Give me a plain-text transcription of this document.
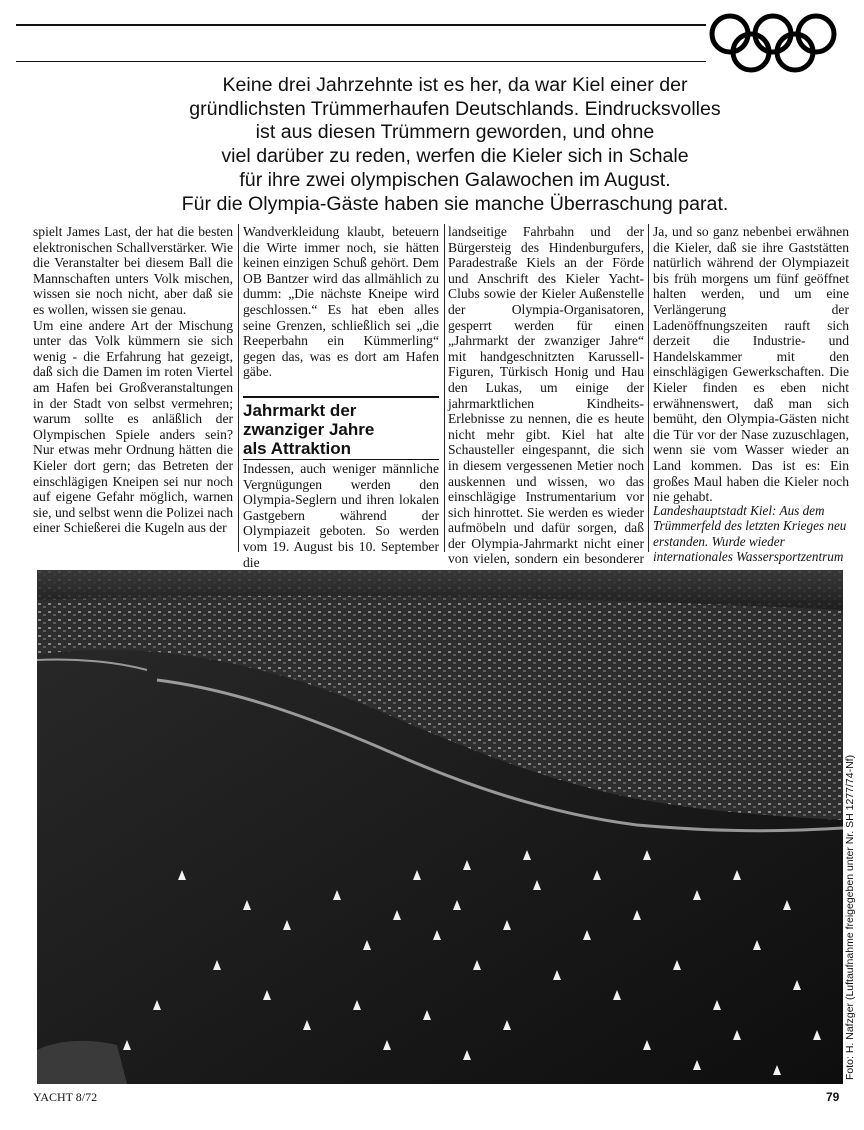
Keine drei Jahrzehnte ist es her, da war Kiel einer der
gründlichsten Trümmerhaufen Deutschlands. Eindrucksvolles
ist aus diesen Trümmern geworden, und ohne
viel darüber zu reden, werfen die Kieler sich in Schale
für ihre zwei olympischen Galawochen im August.
Für die Olympia-Gäste haben sie manche Überraschung parat.
spielt James Last, der hat die besten elektronischen Schallverstärker. Wie die Veranstalter bei diesem Ball die Mannschaften unters Volk mischen, wissen sie noch nicht, aber daß sie es wollen, wissen sie genau.
Um eine andere Art der Mischung unter das Volk kümmern sie sich wenig - die Erfahrung hat gezeigt, daß sich die Damen im roten Viertel am Hafen bei Großveranstaltungen in der Stadt von selbst vermehren; warum sollte es anläßlich der Olympischen Spiele anders sein? Nur etwas mehr Ordnung hätten die Kieler dort gern; das Betreten der einschlägigen Kneipen sei nur noch auf eigene Gefahr möglich, warnen sie, und selbst wenn die Polizei nach einer Schießerei die Kugeln aus der
Wandverkleidung klaubt, beteuern die Wirte immer noch, sie hätten keinen einzigen Schuß gehört. Dem OB Bantzer wird das allmählich zu dumm: „Die nächste Kneipe wird geschlossen.“ Es hat eben alles seine Grenzen, schließlich sei „die Reeperbahn ein Kümmerling“ gegen das, was es dort am Hafen gäbe.
Jahrmarkt der
zwanziger Jahre
als Attraktion
Indessen, auch weniger männliche Vergnügungen werden den Olympia-Seglern und ihren lokalen Gastgebern während der Olympiazeit geboten. So werden vom 19. August bis 10. September die
landseitige Fahrbahn und der Bürgersteig des Hindenburgufers, Paradestraße Kiels an der Förde und Anschrift des Kieler Yacht-Clubs sowie der Kieler Außenstelle der Olympia-Organisatoren, gesperrt werden für einen „Jahrmarkt der zwanziger Jahre“ mit handgeschnitzten Karussell-Figuren, Türkisch Honig und Hau den Lukas, um einige der jahrmarktlichen Kindheits-Erlebnisse zu nennen, die es heute nicht mehr gibt. Kiel hat alte Schausteller eingespannt, die sich in diesem vergessenen Metier noch auskennen und wissen, wo das einschlägige Instrumentarium vor sich hinrottet. Sie werden es wieder aufmöbeln und dafür sorgen, daß der Olympia-Jahrmarkt nicht einer von vielen, sondern ein besonderer
Ja, und so ganz nebenbei erwähnen die Kieler, daß sie ihre Gaststätten natürlich während der Olympiazeit bis früh morgens um fünf geöffnet halten werden, und um eine Verlängerung der Ladenöffnungszeiten rauft sich derzeit die Industrie- und Handelskammer mit den einschlägigen Gewerkschaften. Die Kieler finden es eben nicht erwähnenswert, daß man sich bemüht, den Olympia-Gästen nicht die Tür vor der Nase zuzuschlagen, wenn sie vom Wasser wieder an Land kommen. Das ist es: Ein großes Maul haben die Kieler noch nie gehabt.
Landeshauptstadt Kiel: Aus dem Trümmerfeld des letzten Krieges neu erstanden. Wurde wieder internationales Wassersportzentrum
Foto: H. Nafzger (Luftaufnahme freigegeben unter Nr. SH 1277/74-Nf)
YACHT 8/72	79
